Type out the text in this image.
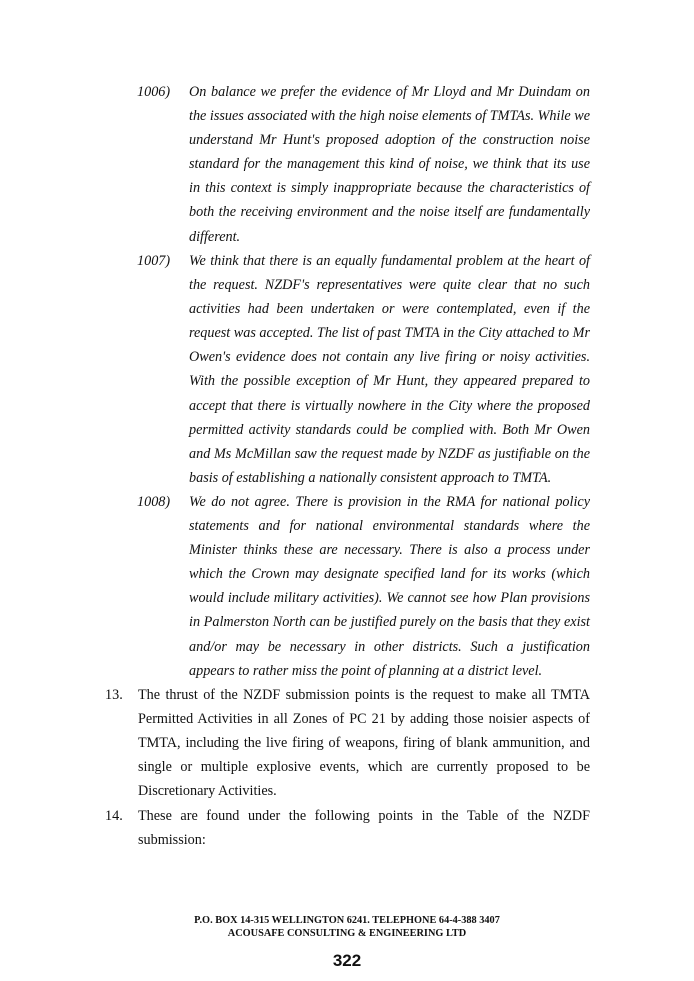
1006)	On balance we prefer the evidence of Mr Lloyd and Mr Duindam on the issues associated with the high noise elements of TMTAs. While we understand Mr Hunt's proposed adoption of the construction noise standard for the management this kind of noise, we think that its use in this context is simply inappropriate because the characteristics of both the receiving environment and the noise itself are fundamentally different.
1007)	We think that there is an equally fundamental problem at the heart of the request. NZDF's representatives were quite clear that no such activities had been undertaken or were contemplated, even if the request was accepted. The list of past TMTA in the City attached to Mr Owen's evidence does not contain any live firing or noisy activities. With the possible exception of Mr Hunt, they appeared prepared to accept that there is virtually nowhere in the City where the proposed permitted activity standards could be complied with. Both Mr Owen and Ms McMillan saw the request made by NZDF as justifiable on the basis of establishing a nationally consistent approach to TMTA.
1008)	We do not agree. There is provision in the RMA for national policy statements and for national environmental standards where the Minister thinks these are necessary. There is also a process under which the Crown may designate specified land for its works (which would include military activities). We cannot see how Plan provisions in Palmerston North can be justified purely on the basis that they exist and/or may be necessary in other districts. Such a justification appears to rather miss the point of planning at a district level.
13.	The thrust of the NZDF submission points is the request to make all TMTA Permitted Activities in all Zones of PC 21 by adding those noisier aspects of TMTA, including the live firing of weapons, firing of blank ammunition, and single or multiple explosive events, which are currently proposed to be Discretionary Activities.
14.	These are found under the following points in the Table of the NZDF submission:
P.O. BOX 14-315 WELLINGTON 6241. TELEPHONE 64-4-388 3407
ACOUSAFE CONSULTING & ENGINEERING LTD
322
